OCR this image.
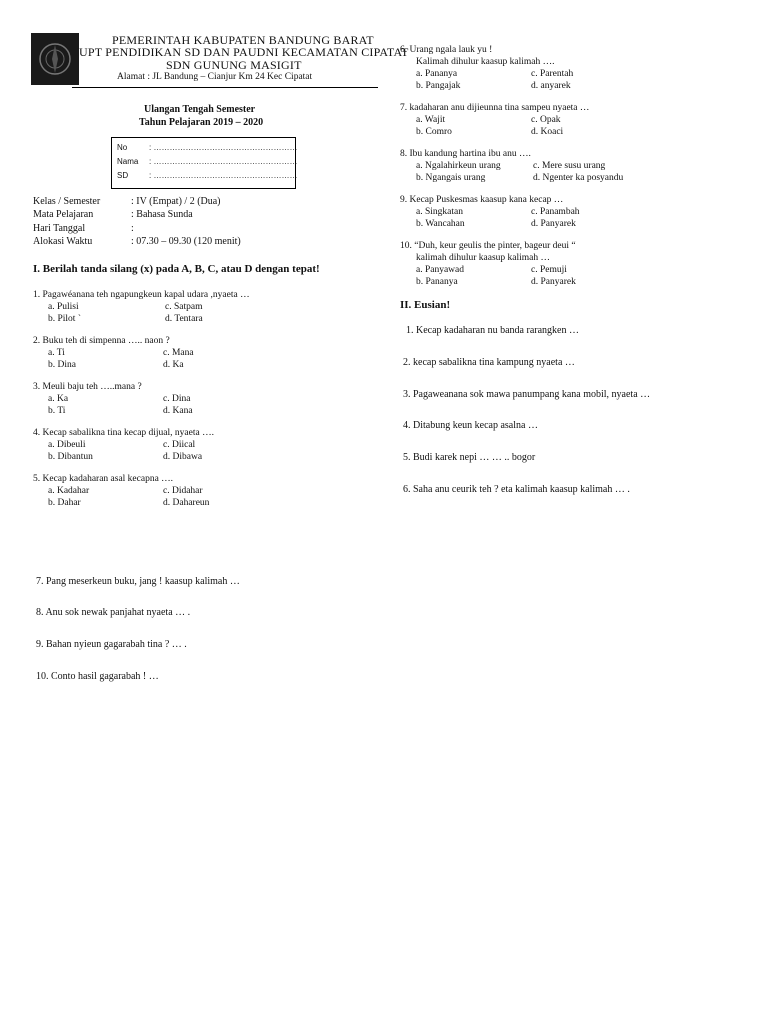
PEMERINTAH KABUPATEN BANDUNG BARAT
UPT PENDIDIKAN SD DAN PAUDNI KECAMATAN CIPATAT
SDN GUNUNG MASIGIT
Alamat : JL Bandung – Cianjur Km 24 Kec Cipatat
Ulangan Tengah Semester
Tahun Pelajaran 2019 – 2020
No	: ………………………………………………
Nama : ………………………………………………
SD	: ………………………………………………
Kelas / Semester	: IV (Empat) / 2 (Dua)
Mata Pelajaran	: Bahasa Sunda
Hari Tanggal	:
Alokasi Waktu	: 07.30 – 09.30 (120 menit)
I. Berilah tanda silang (x) pada A, B, C, atau D dengan tepat!
1. Pagawéanana teh ngapungkeun kapal udara ,nyaeta …
a. Pulisi	c. Satpam
b. Pilot `	d. Tentara
2. Buku teh di simpenna ….. naon ?
a. Ti	c. Mana
b. Dina	d. Ka
3. Meuli baju teh …..mana ?
a. Ka	c. Dina
b. Ti	d. Kana
4. Kecap sabalikna tina kecap dijual, nyaeta ….
a. Dibeuli	c. Diical
b. Dibantun	d. Dibawa
5. Kecap kadaharan asal kecapna ….
a. Kadahar	c. Didahar
b. Dahar	d. Dahareun
6. Urang ngala lauk yu !
Kalimah dihulur kaasup kalimah ….
a. Pananya	c. Parentah
b. Pangajak	d. anyarek
7. kadaharan anu dijieunna tina sampeu nyaeta …
a. Wajit	c. Opak
b. Comro	d. Koaci
8. Ibu kandung hartina ibu anu ….
a. Ngalahirkeun urang	c. Mere susu urang
b. Ngangais urang	d. Ngenter ka posyandu
9. Kecap Puskesmas kaasup kana kecap …
a. Singkatan	c. Panambah
b. Wancahan	d. Panyarek
10. “Duh, keur geulis the pinter, bageur deui “
kalimah dihulur kaasup kalimah …
a. Panyawad	c. Pemuji
b. Pananya	d. Panyarek
II. Eusian!
1. Kecap kadaharan nu banda rarangken …
2. kecap sabalikna tina kampung nyaeta …
3. Pagaweanana sok mawa panumpang kana mobil, nyaeta …
4. Ditabung keun kecap asalna …
5. Budi karek nepi … … .. bogor
6. Saha anu ceurik teh ? eta kalimah kaasup kalimah … .
7. Pang meserkeun buku, jang ! kaasup kalimah …
8. Anu sok newak panjahat nyaeta … .
9. Bahan nyieun gagarabah tina ? … .
10. Conto hasil gagarabah ! …
